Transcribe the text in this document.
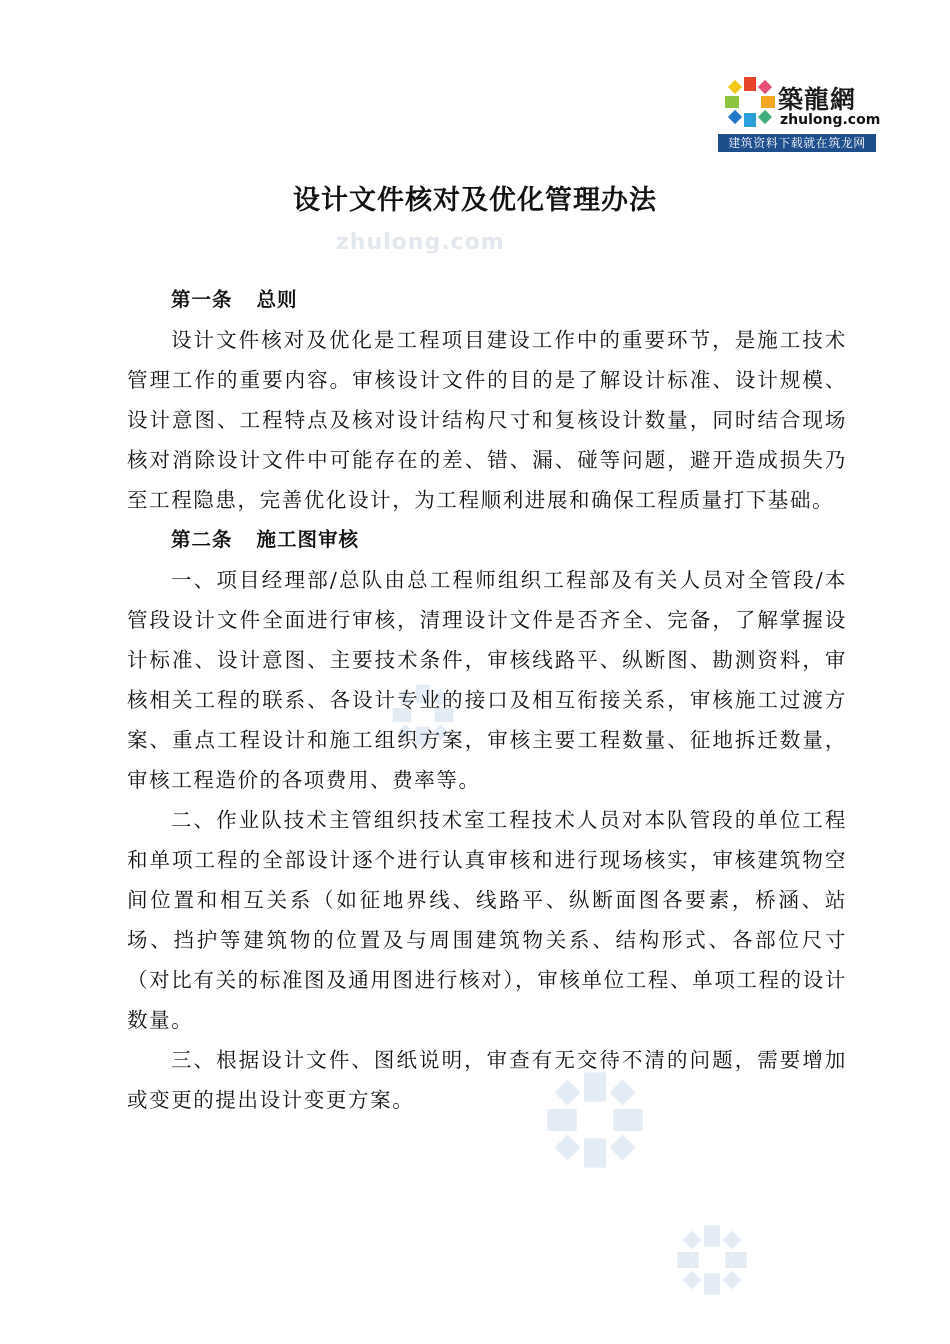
築龍網
zhulong.com
建筑资料下载就在筑龙网
设计文件核对及优化管理办法
zhulong.com

第一条 总则

设计文件核对及优化是工程项目建设工作中的重要环节，是施工技术管理工作的重要内容。审核设计文件的目的是了解设计标准、设计规模、设计意图、工程特点及核对设计结构尺寸和复核设计数量，同时结合现场核对消除设计文件中可能存在的差、错、漏、碰等问题，避开造成损失乃至工程隐患，完善优化设计，为工程顺利进展和确保工程质量打下基础。

第二条 施工图审核

一、项目经理部/总队由总工程师组织工程部及有关人员对全管段/本管段设计文件全面进行审核，清理设计文件是否齐全、完备，了解掌握设计标准、设计意图、主要技术条件，审核线路平、纵断图、勘测资料，审核相关工程的联系、各设计专业的接口及相互衔接关系，审核施工过渡方案、重点工程设计和施工组织方案，审核主要工程数量、征地拆迁数量，审核工程造价的各项费用、费率等。

二、作业队技术主管组织技术室工程技术人员对本队管段的单位工程和单项工程的全部设计逐个进行认真审核和进行现场核实，审核建筑物空间位置和相互关系（如征地界线、线路平、纵断面图各要素，桥涵、站场、挡护等建筑物的位置及与周围建筑物关系、结构形式、各部位尺寸（对比有关的标准图及通用图进行核对），审核单位工程、单项工程的设计数量。

三、根据设计文件、图纸说明，审查有无交待不清的问题，需要增加或变更的提出设计变更方案。
